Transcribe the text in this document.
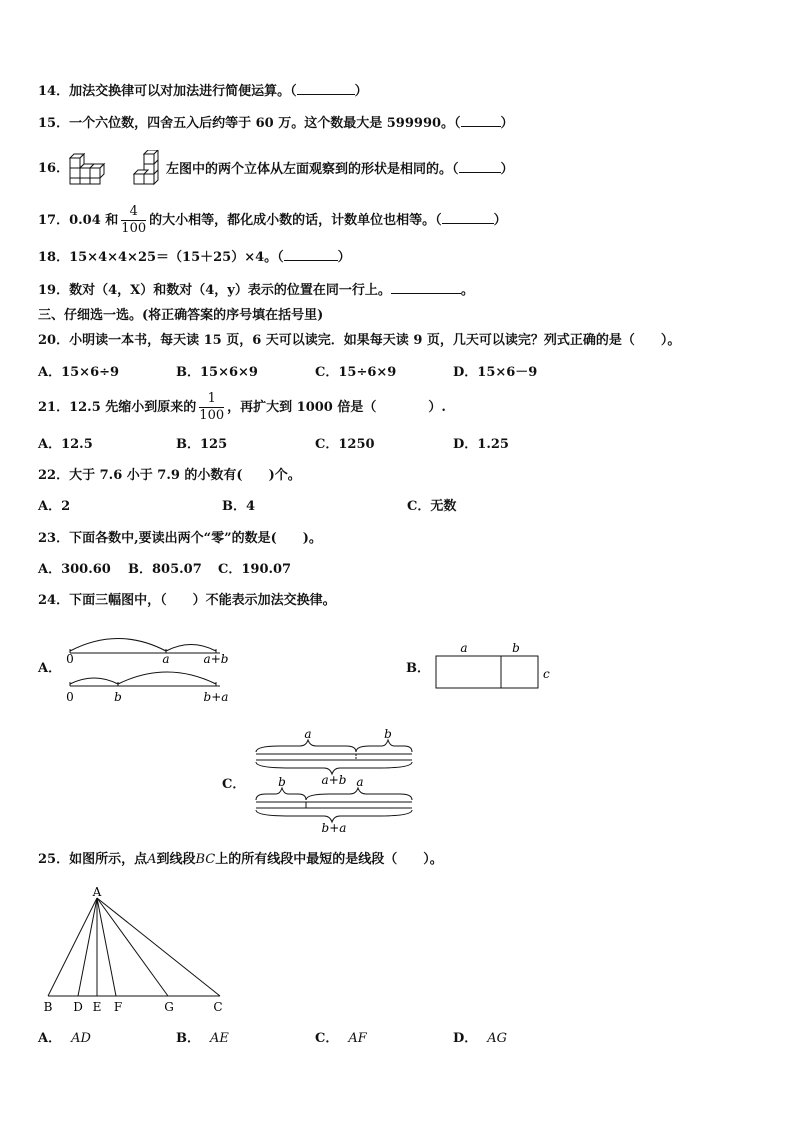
14．加法交换律可以对加法进行简便运算。（	）
15．一个六位数，四舍五入后约等于 60 万。这个数最大是 599990。（	）
16．	左图中的两个立体从左面观察到的形状是相同的。（	）
17．0.04 和 $\frac{4}{100}$ 的大小相等，都化成小数的话，计数单位也相等。（	）
18．15×4×4×25＝（15＋25）×4。（	）
19．数对（4，X）和数对（4，y）表示的位置在同一行上。	。
三、仔细选一选。(将正确答案的序号填在括号里)
20．小明读一本书，每天读 15 页，6 天可以读完．如果每天读 9 页，几天可以读完？列式正确的是（　　）。
A．15×6÷9	B．15×6×9	C．15÷6×9	D．15×6－9
21．12.5 先缩小到原来的 $\frac{1}{100}$ ，再扩大到 1000 倍是（　　　　）.
A．12.5	B．125	C．1250	D．1.25
22．大于 7.6 小于 7.9 的小数有(　　)个。
A．2	B．4	C．无数
23．下面各数中,要读出两个“零”的数是(　　)。
A．300.60 B．805.07 C．190.07
24．下面三幅图中，（　　）不能表示加法交换律。
A．
0	a	a+b
0	b	b+a
B．
a	b
c
C．
a	b
a+b
b	a
b+a
25．如图所示，点A到线段BC上的所有线段中最短的是线段（　　）。
A
B D E F	G	C
A． AD	B． AE	C． AF	D． AG
